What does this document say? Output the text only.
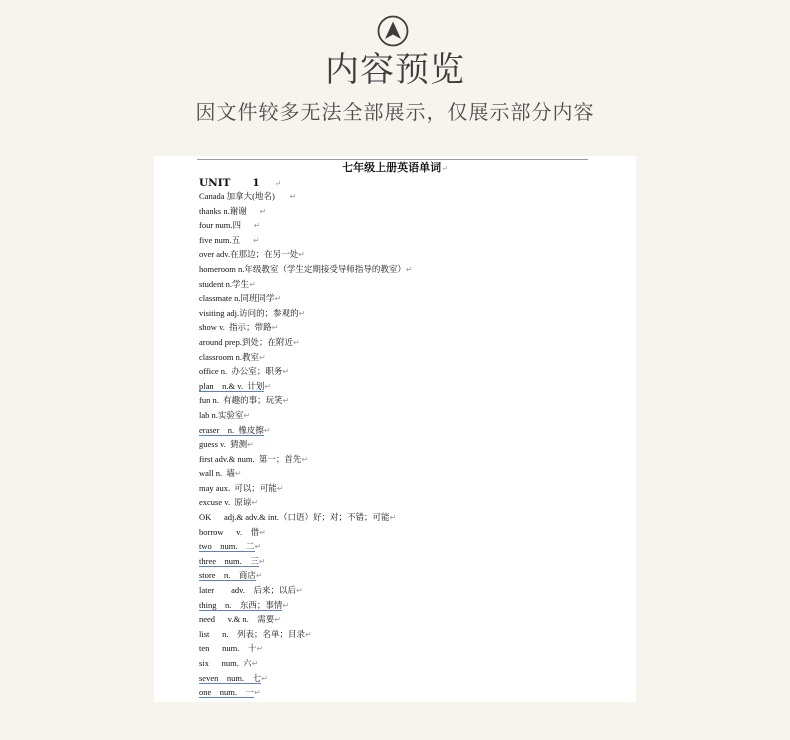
内容预览
因文件较多无法全部展示，仅展示部分内容
七年级上册英语单词↵
UNIT      1 ↵
Canada 加拿大(地名)       ↵
thanks n.谢谢      ↵
four num.四      ↵
five num.五      ↵
over adv.在那边；在另一处↵
homeroom n.年级教室（学生定期接受导师指导的教室）↵
student n.学生↵
classmate n.同班同学↵
visiting adj.访问的；参观的↵
show v.  指示；带路↵
around prep.到处；在附近↵
classroom n.教室↵
office n.  办公室；职务↵
plan    n.& v.  计划↵
fun n.  有趣的事；玩笑↵
lab n.实验室↵
eraser    n.  橡皮擦↵
guess v.  猜测↵
first adv.& num.  第一；首先↵
wall n.  墙↵
may aux.  可以；可能↵
excuse v.  原谅↵
OK      adj.& adv.& int.（口语）好；对；不错；可能↵
borrow      v.    借↵
two    num.    二↵
three    num.    三↵
store    n.    商店↵
later        adv.    后来；以后↵
thing    n.    东西；事情↵
need      v.& n.    需要↵
list      n.    列表；名单；目录↵
ten      num.    十↵
six      num.  六↵
seven    num.    七↵
one    num.    一↵
